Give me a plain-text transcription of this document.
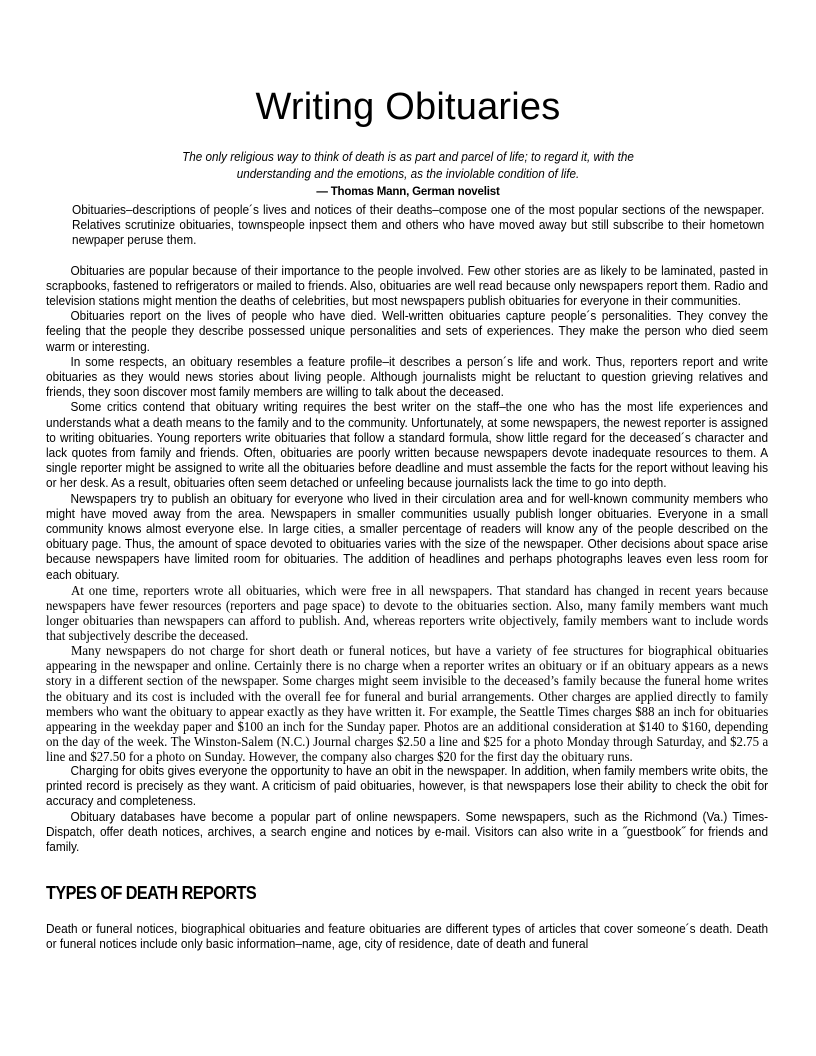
Writing Obituaries
The only religious way to think of death is as part and parcel of life; to regard it, with the
understanding and the emotions, as the inviolable condition of life.
— Thomas Mann, German novelist

Obituaries–descriptions of people´s lives and notices of their deaths–compose one of the most popular sections of the newspaper. Relatives scrutinize obituaries, townspeople inpsect them and others who have moved away but still subscribe to their hometown newpaper peruse them.

Obituaries are popular because of their importance to the people involved. Few other stories are as likely to be laminated, pasted in scrapbooks, fastened to refrigerators or mailed to friends. Also, obituaries are well read because only newspapers report them. Radio and television stations might mention the deaths of celebrities, but most newspapers publish obituaries for everyone in their communities.

Obituaries report on the lives of people who have died. Well-written obituaries capture people´s personalities. They convey the feeling that the people they describe possessed unique personalities and sets of experiences. They make the person who died seem warm or interesting.

In some respects, an obituary resembles a feature profile–it describes a person´s life and work. Thus, reporters report and write obituaries as they would news stories about living people. Although journalists might be reluctant to question grieving relatives and friends, they soon discover most family members are willing to talk about the deceased.

Some critics contend that obituary writing requires the best writer on the staff–the one who has the most life experiences and understands what a death means to the family and to the community. Unfortunately, at some newspapers, the newest reporter is assigned to writing obituaries. Young reporters write obituaries that follow a standard formula, show little regard for the deceased´s character and lack quotes from family and friends. Often, obituaries are poorly written because newspapers devote inadequate resources to them. A single reporter might be assigned to write all the obituaries before deadline and must assemble the facts for the report without leaving his or her desk. As a result, obituaries often seem detached or unfeeling because journalists lack the time to go into depth.

Newspapers try to publish an obituary for everyone who lived in their circulation area and for well-known community members who might have moved away from the area. Newspapers in smaller communities usually publish longer obituaries. Everyone in a small community knows almost everyone else. In large cities, a smaller percentage of readers will know any of the people described on the obituary page. Thus, the amount of space devoted to obituaries varies with the size of the newspaper. Other decisions about space arise because newspapers have limited room for obituaries. The addition of headlines and perhaps photographs leaves even less room for each obituary.

At one time, reporters wrote all obituaries, which were free in all newspapers. That standard has changed in recent years because newspapers have fewer resources (reporters and page space) to devote to the obituaries section. Also, many family members want much longer obituaries than newspapers can afford to publish. And, whereas reporters write objectively, family members want to include words that subjectively describe the deceased.

Many newspapers do not charge for short death or funeral notices, but have a variety of fee structures for biographical obituaries appearing in the newspaper and online. Certainly there is no charge when a reporter writes an obituary or if an obituary appears as a news story in a different section of the newspaper. Some charges might seem invisible to the deceased’s family because the funeral home writes the obituary and its cost is included with the overall fee for funeral and burial arrangements. Other charges are applied directly to family members who want the obituary to appear exactly as they have written it. For example, the Seattle Times charges $88 an inch for obituaries appearing in the weekday paper and $100 an inch for the Sunday paper. Photos are an additional consideration at $140 to $160, depending on the day of the week. The Winston-Salem (N.C.) Journal charges $2.50 a line and $25 for a photo Monday through Saturday, and $2.75 a line and $27.50 for a photo on Sunday. However, the company also charges $20 for the first day the obituary runs.

Charging for obits gives everyone the opportunity to have an obit in the newspaper. In addition, when family members write obits, the printed record is precisely as they want. A criticism of paid obituaries, however, is that newspapers lose their ability to check the obit for accuracy and completeness.

Obituary databases have become a popular part of online newspapers. Some newspapers, such as the Richmond (Va.) Times-Dispatch, offer death notices, archives, a search engine and notices by e-mail. Visitors can also write in a ˝guestbook˝ for friends and family.

TYPES OF DEATH REPORTS

Death or funeral notices, biographical obituaries and feature obituaries are different types of articles that cover someone´s death. Death or funeral notices include only basic information–name, age, city of residence, date of death and funeral
